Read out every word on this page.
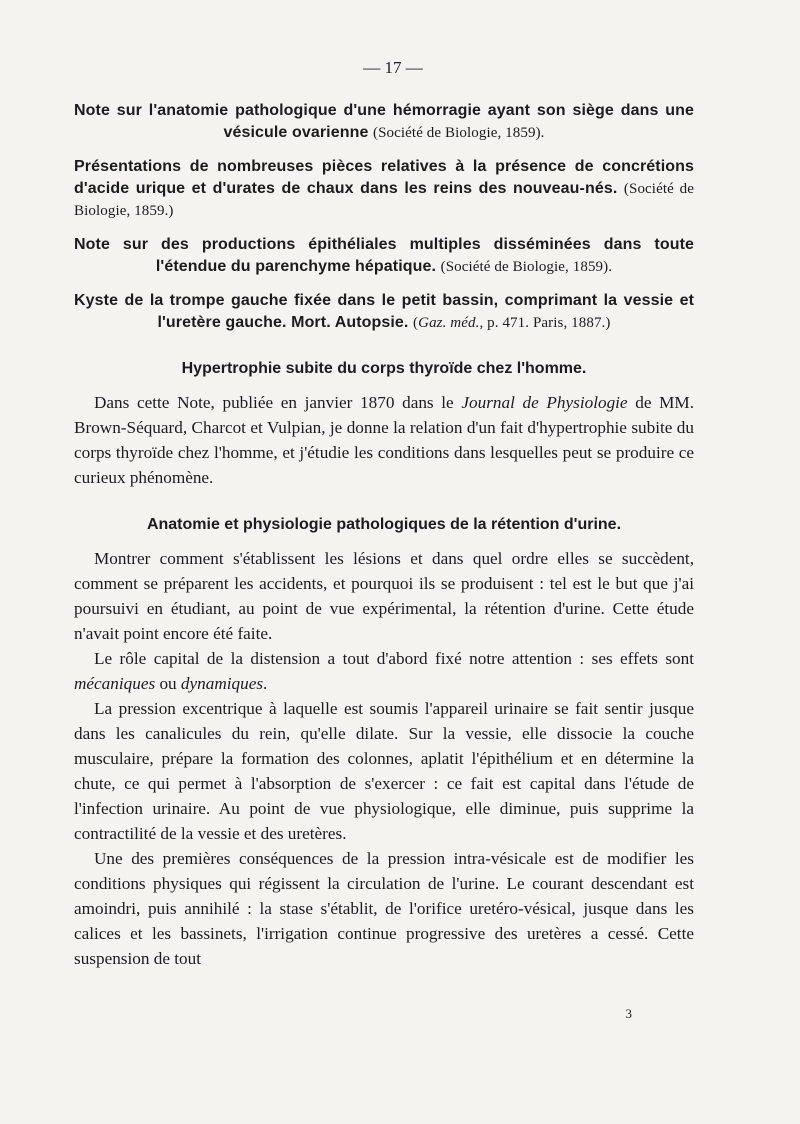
— 17 —

Note sur l'anatomie pathologique d'une hémorragie ayant son siège dans une vésicule ovarienne (Société de Biologie, 1859).

Présentations de nombreuses pièces relatives à la présence de concrétions d'acide urique et d'urates de chaux dans les reins des nouveau-nés. (Société de Biologie, 1859.)

Note sur des productions épithéliales multiples disséminées dans toute l'étendue du parenchyme hépatique. (Société de Biologie, 1859).

Kyste de la trompe gauche fixée dans le petit bassin, comprimant la vessie et l'uretère gauche. Mort. Autopsie. (Gaz. méd., p. 471. Paris, 1887.)

Hypertrophie subite du corps thyroïde chez l'homme.

Dans cette Note, publiée en janvier 1870 dans le Journal de Physiologie de MM. Brown-Séquard, Charcot et Vulpian, je donne la relation d'un fait d'hypertrophie subite du corps thyroïde chez l'homme, et j'étudie les conditions dans lesquelles peut se produire ce curieux phénomène.

Anatomie et physiologie pathologiques de la rétention d'urine.

Montrer comment s'établissent les lésions et dans quel ordre elles se succèdent, comment se préparent les accidents, et pourquoi ils se produisent : tel est le but que j'ai poursuivi en étudiant, au point de vue expérimental, la rétention d'urine. Cette étude n'avait point encore été faite.

Le rôle capital de la distension a tout d'abord fixé notre attention : ses effets sont mécaniques ou dynamiques.

La pression excentrique à laquelle est soumis l'appareil urinaire se fait sentir jusque dans les canalicules du rein, qu'elle dilate. Sur la vessie, elle dissocie la couche musculaire, prépare la formation des colonnes, aplatit l'épithélium et en détermine la chute, ce qui permet à l'absorption de s'exercer : ce fait est capital dans l'étude de l'infection urinaire. Au point de vue physiologique, elle diminue, puis supprime la contractilité de la vessie et des uretères.

Une des premières conséquences de la pression intra-vésicale est de modifier les conditions physiques qui régissent la circulation de l'urine. Le courant descendant est amoindri, puis annihilé : la stase s'établit, de l'orifice uretéro-vésical, jusque dans les calices et les bassinets, l'irrigation continue progressive des uretères a cessé. Cette suspension de tout

3
